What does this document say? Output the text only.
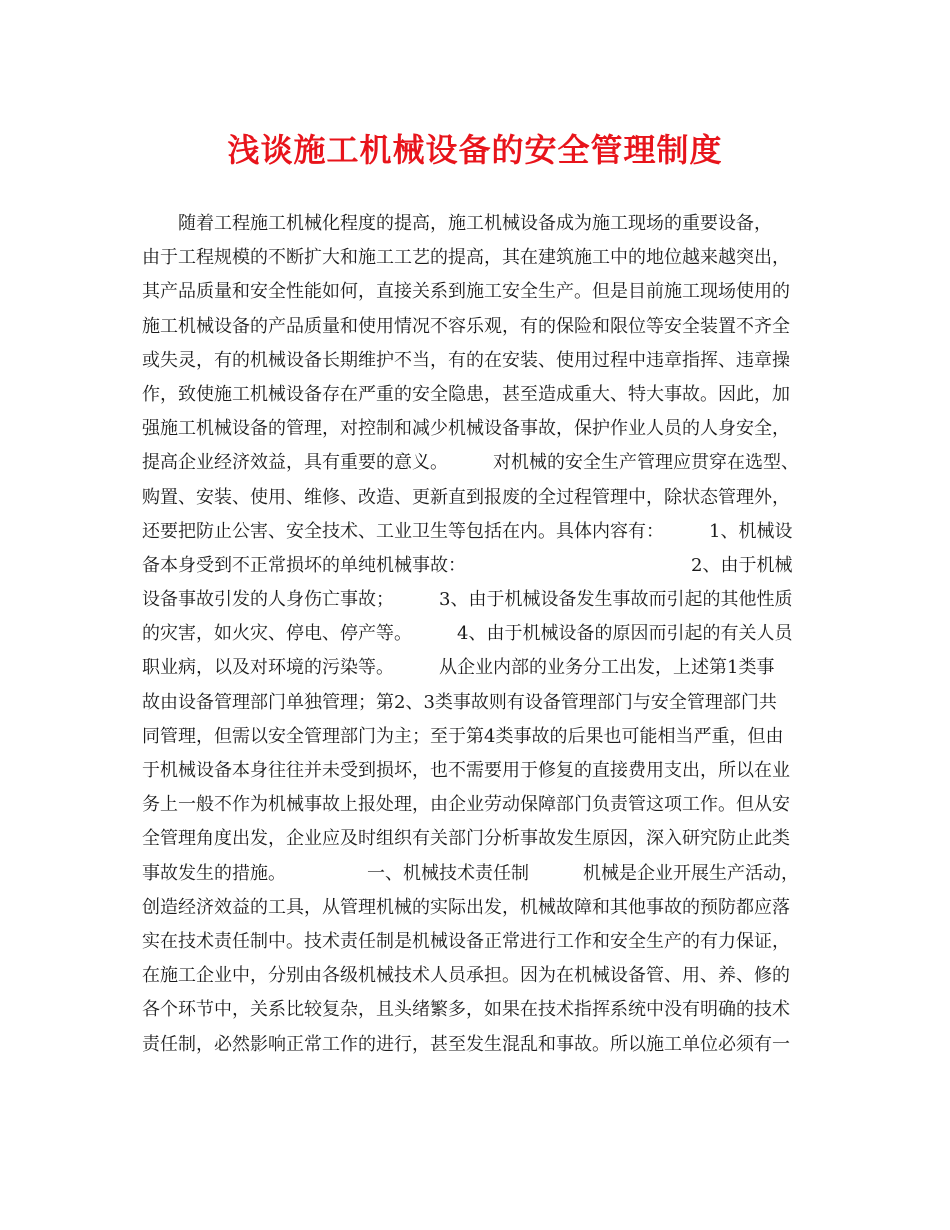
浅谈施工机械设备的安全管理制度
　　随着工程施工机械化程度的提高，施工机械设备成为施工现场的重要设备，
由于工程规模的不断扩大和施工工艺的提高，其在建筑施工中的地位越来越突出，
其产品质量和安全性能如何，直接关系到施工安全生产。但是目前施工现场使用的
施工机械设备的产品质量和使用情况不容乐观，有的保险和限位等安全装置不齐全
或失灵，有的机械设备长期维护不当，有的在安装、使用过程中违章指挥、违章操
作，致使施工机械设备存在严重的安全隐患，甚至造成重大、特大事故。因此，加
强施工机械设备的管理，对控制和减少机械设备事故，保护作业人员的人身安全，
提高企业经济效益，具有重要的意义。　　　对机械的安全生产管理应贯穿在选型、
购置、安装、使用、维修、改造、更新直到报废的全过程管理中，除状态管理外，
还要把防止公害、安全技术、工业卫生等包括在内。具体内容有：　　　1、机械设
备本身受到不正常损坏的单纯机械事故：　　　　　　　　　　　　　2、由于机械
设备事故引发的人身伤亡事故；　　　3、由于机械设备发生事故而引起的其他性质
的灾害，如火灾、停电、停产等。　　　4、由于机械设备的原因而引起的有关人员
职业病，以及对环境的污染等。　　　从企业内部的业务分工出发，上述第1类事
故由设备管理部门单独管理；第2、3类事故则有设备管理部门与安全管理部门共
同管理，但需以安全管理部门为主；至于第4类事故的后果也可能相当严重，但由
于机械设备本身往往并未受到损坏，也不需要用于修复的直接费用支出，所以在业
务上一般不作为机械事故上报处理，由企业劳动保障部门负责管这项工作。但从安
全管理角度出发，企业应及时组织有关部门分析事故发生原因，深入研究防止此类
事故发生的措施。　　　　　一、机械技术责任制　　　机械是企业开展生产活动，
创造经济效益的工具，从管理机械的实际出发，机械故障和其他事故的预防都应落
实在技术责任制中。技术责任制是机械设备正常进行工作和安全生产的有力保证，
在施工企业中，分别由各级机械技术人员承担。因为在机械设备管、用、养、修的
各个环节中，关系比较复杂，且头绪繁多，如果在技术指挥系统中没有明确的技术
责任制，必然影响正常工作的进行，甚至发生混乱和事故。所以施工单位必须有一
